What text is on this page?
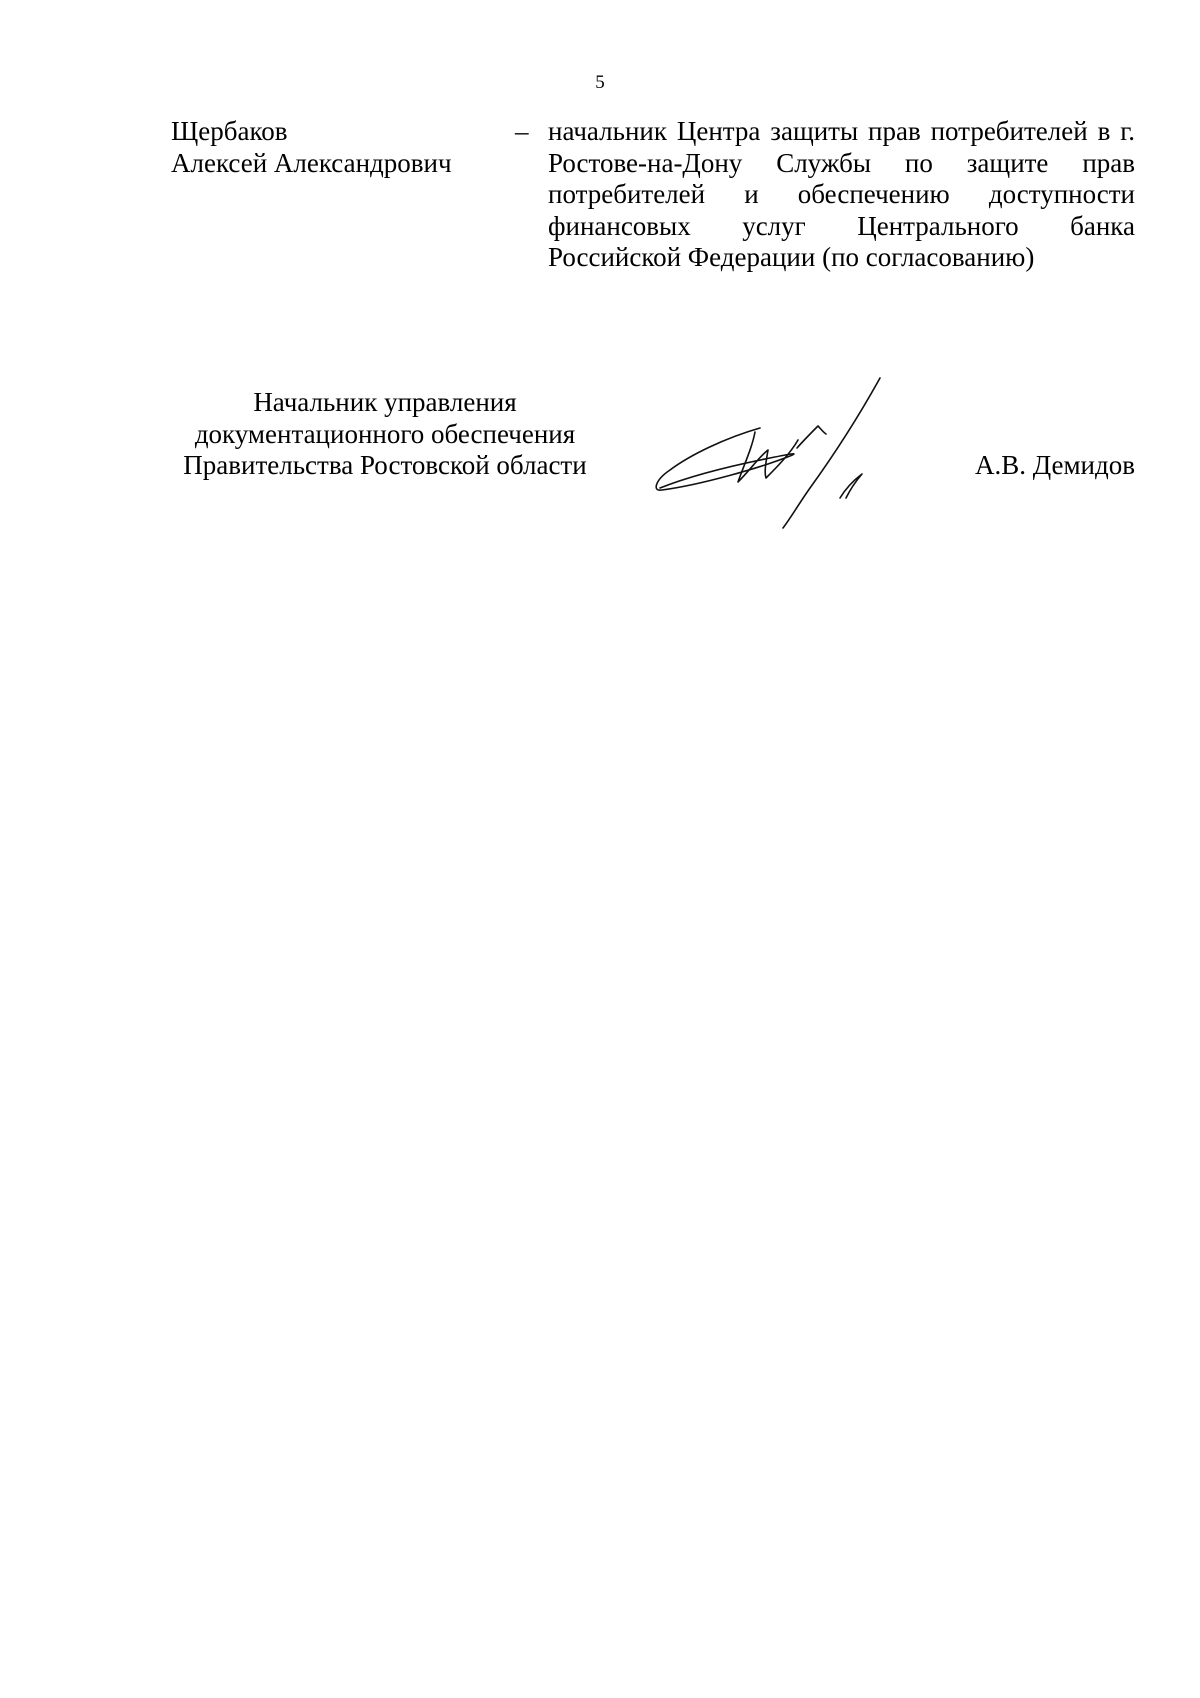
5
Щербаков
Алексей Александрович
– начальник Центра защиты прав потребителей в г. Ростове-на-Дону Службы по защите прав потребителей и обеспечению доступности финансовых услуг Центрального банка Российской Федерации (по согласованию)
Начальник управления
документационного обеспечения
Правительства Ростовской области	А.В. Демидов
